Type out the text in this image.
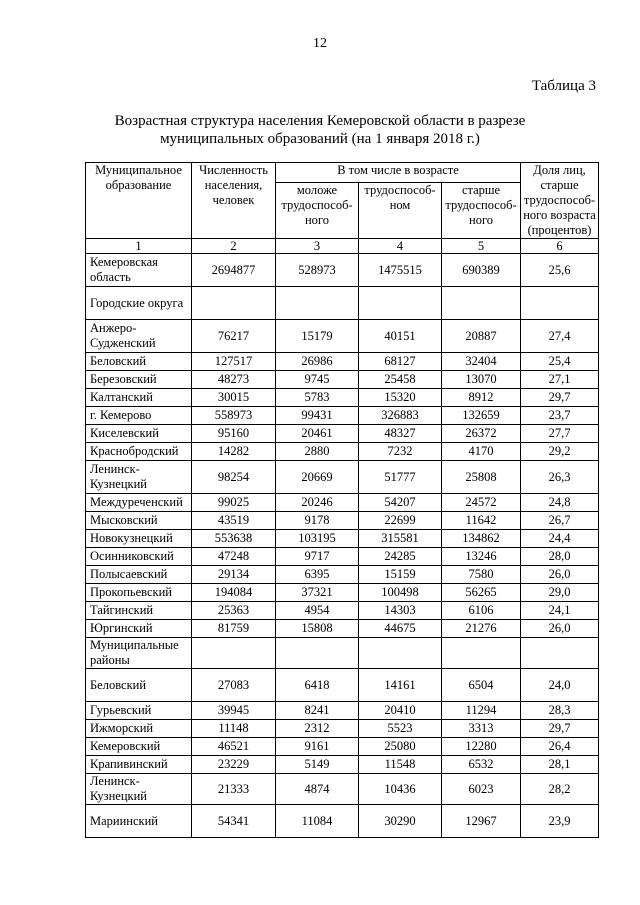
12
Таблица 3
Возрастная структура населения Кемеровской области в разрезе
муниципальных образований (на 1 января 2018 г.)
Муниципальное образование	Численность населения, человек	В том числе в возрасте			Доля лиц, старше трудоспособ-ного возраста (процентов)
		моложе трудоспособ-ного	трудоспособ-ном	старше трудоспособ-ного	
1	2	3	4	5	6
Кемеровская область	2694877	528973	1475515	690389	25,6
Городские округа					
Анжеро-Судженский	76217	15179	40151	20887	27,4
Беловский	127517	26986	68127	32404	25,4
Березовский	48273	9745	25458	13070	27,1
Калтанский	30015	5783	15320	8912	29,7
г. Кемерово	558973	99431	326883	132659	23,7
Киселевский	95160	20461	48327	26372	27,7
Краснобродский	14282	2880	7232	4170	29,2
Ленинск-Кузнецкий	98254	20669	51777	25808	26,3
Междуреченский	99025	20246	54207	24572	24,8
Мысковский	43519	9178	22699	11642	26,7
Новокузнецкий	553638	103195	315581	134862	24,4
Осинниковский	47248	9717	24285	13246	28,0
Полысаевский	29134	6395	15159	7580	26,0
Прокопьевский	194084	37321	100498	56265	29,0
Тайгинский	25363	4954	14303	6106	24,1
Юргинский	81759	15808	44675	21276	26,0
Муниципальные районы					
Беловский	27083	6418	14161	6504	24,0
Гурьевский	39945	8241	20410	11294	28,3
Ижморский	11148	2312	5523	3313	29,7
Кемеровский	46521	9161	25080	12280	26,4
Крапивинский	23229	5149	11548	6532	28,1
Ленинск-Кузнецкий	21333	4874	10436	6023	28,2
Мариинский	54341	11084	30290	12967	23,9
